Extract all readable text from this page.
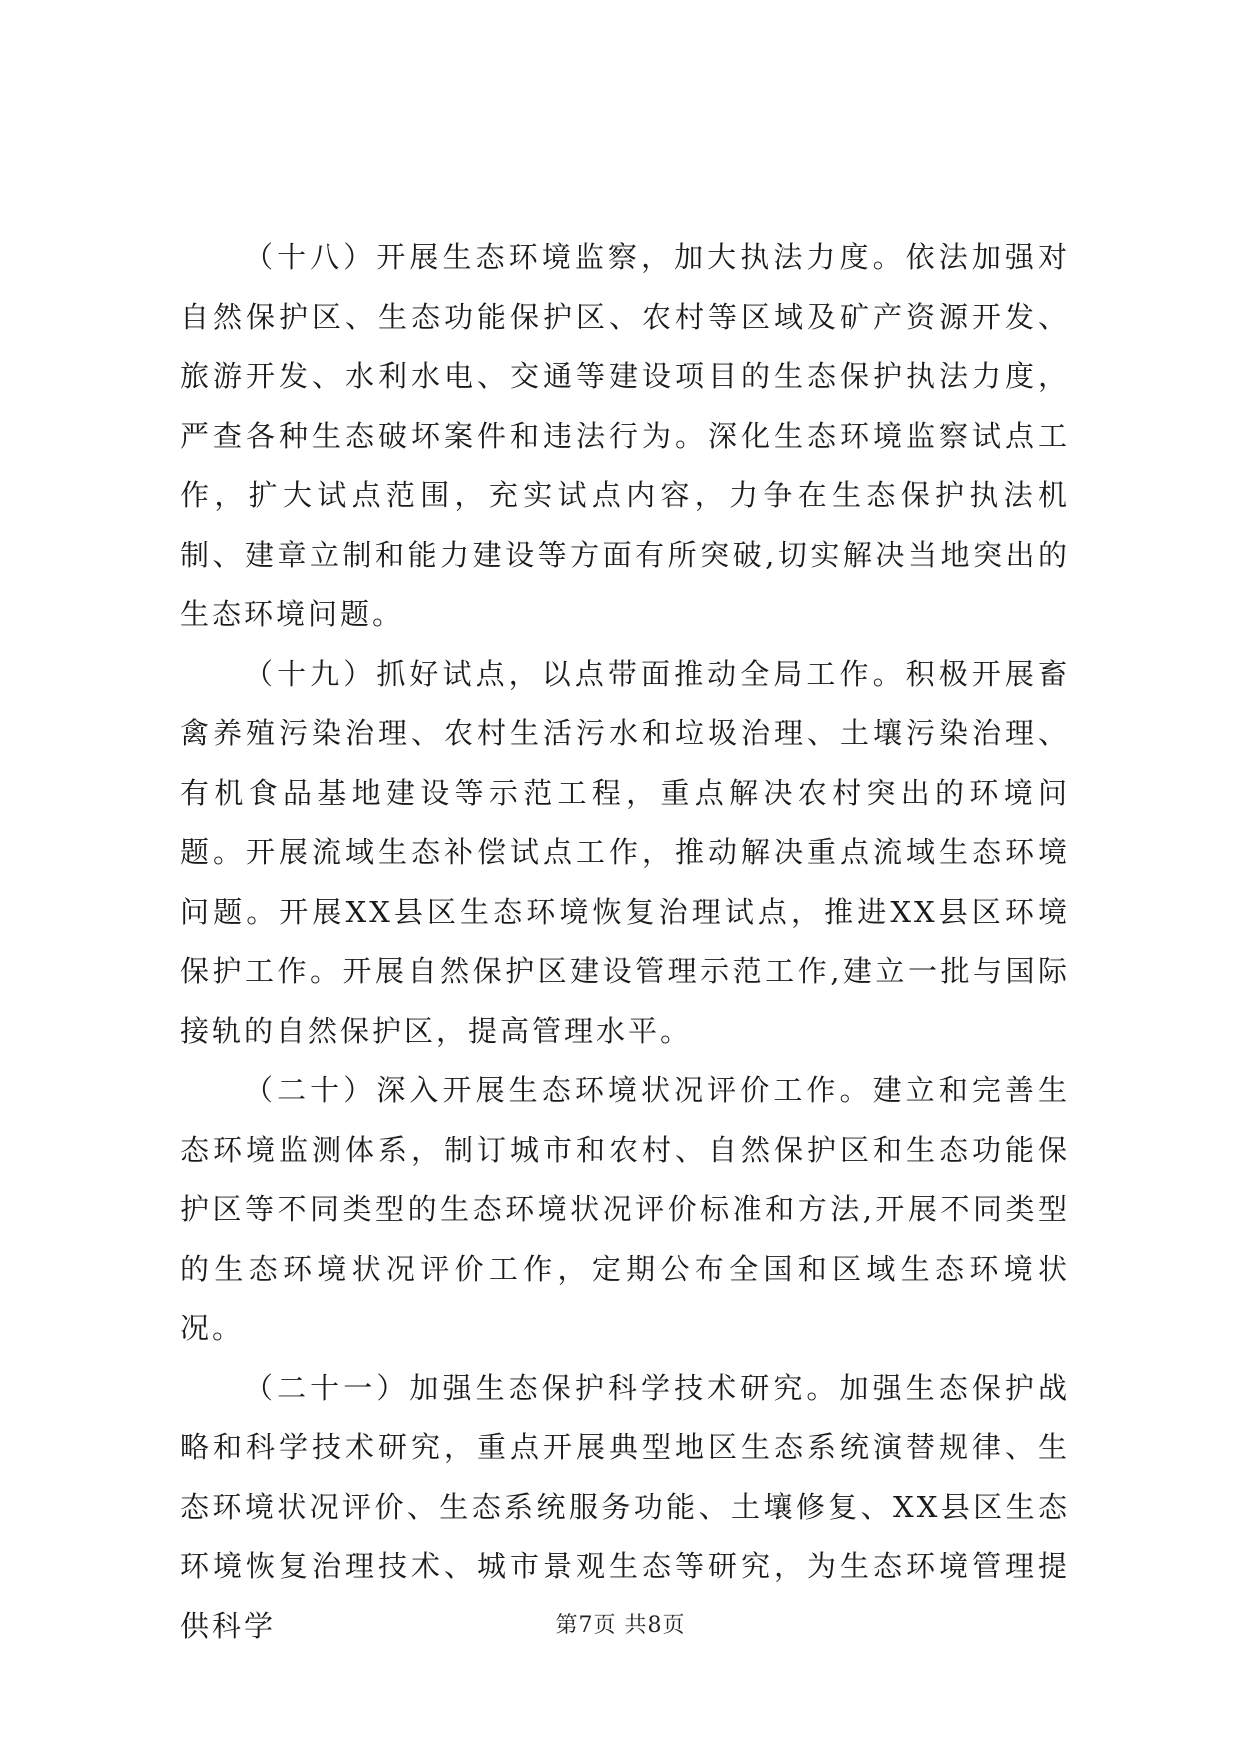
（十八）开展生态环境监察，加大执法力度。依法加强对自然保护区、生态功能保护区、农村等区域及矿产资源开发、旅游开发、水利水电、交通等建设项目的生态保护执法力度，严查各种生态破坏案件和违法行为。深化生态环境监察试点工作，扩大试点范围，充实试点内容，力争在生态保护执法机制、建章立制和能力建设等方面有所突破,切实解决当地突出的生态环境问题。

（十九）抓好试点，以点带面推动全局工作。积极开展畜禽养殖污染治理、农村生活污水和垃圾治理、土壤污染治理、有机食品基地建设等示范工程，重点解决农村突出的环境问题。开展流域生态补偿试点工作，推动解决重点流域生态环境问题。开展XX县区生态环境恢复治理试点，推进XX县区环境保护工作。开展自然保护区建设管理示范工作,建立一批与国际接轨的自然保护区，提高管理水平。

（二十）深入开展生态环境状况评价工作。建立和完善生态环境监测体系，制订城市和农村、自然保护区和生态功能保护区等不同类型的生态环境状况评价标准和方法,开展不同类型的生态环境状况评价工作，定期公布全国和区域生态环境状况。

（二十一）加强生态保护科学技术研究。加强生态保护战略和科学技术研究，重点开展典型地区生态系统演替规律、生态环境状况评价、生态系统服务功能、土壤修复、XX县区生态环境恢复治理技术、城市景观生态等研究，为生态环境管理提供科学	第7页 共8页
